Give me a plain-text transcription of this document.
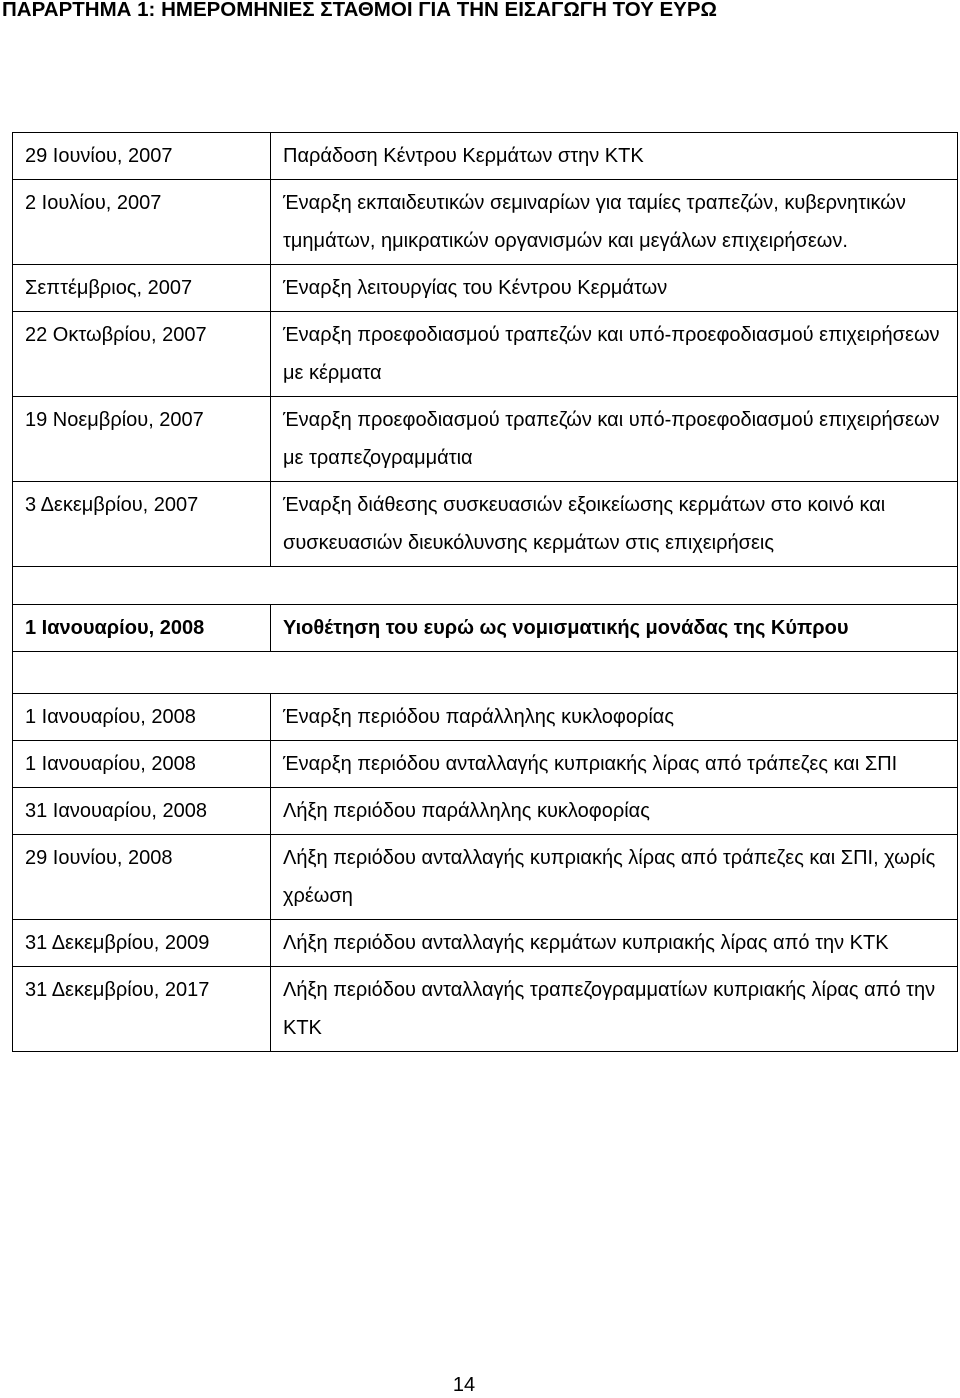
ΠΑΡΑΡΤΗΜΑ 1: ΗΜΕΡΟΜΗΝΙΕΣ ΣΤΑΘΜΟΙ ΓΙΑ ΤΗΝ ΕΙΣΑΓΩΓΗ ΤΟΥ ΕΥΡΩ
29 Ιουνίου, 2007	Παράδοση Κέντρου Κερμάτων στην ΚΤΚ

2 Ιουλίου, 2007	Έναρξη εκπαιδευτικών σεμιναρίων για ταμίες τραπεζών, κυβερνητικών τμημάτων, ημικρατικών οργανισμών και μεγάλων επιχειρήσεων.

Σεπτέμβριος, 2007	Έναρξη λειτουργίας του Κέντρου Κερμάτων

22 Οκτωβρίου, 2007	Έναρξη προεφοδιασμού τραπεζών και υπό-προεφοδιασμού επιχειρήσεων με κέρματα

19 Νοεμβρίου, 2007	Έναρξη προεφοδιασμού τραπεζών και υπό-προεφοδιασμού επιχειρήσεων με τραπεζογραμμάτια

3 Δεκεμβρίου, 2007	Έναρξη διάθεσης συσκευασιών εξοικείωσης κερμάτων στο κοινό και συσκευασιών διευκόλυνσης κερμάτων στις επιχειρήσεις

1 Ιανουαρίου, 2008	Υιοθέτηση του ευρώ ως νομισματικής μονάδας της Κύπρου

1 Ιανουαρίου, 2008	Έναρξη περιόδου παράλληλης κυκλοφορίας

1 Ιανουαρίου, 2008	Έναρξη περιόδου ανταλλαγής κυπριακής λίρας από τράπεζες και ΣΠΙ

31 Ιανουαρίου, 2008	Λήξη περιόδου παράλληλης κυκλοφορίας

29 Ιουνίου, 2008	Λήξη περιόδου ανταλλαγής κυπριακής λίρας από τράπεζες και ΣΠΙ, χωρίς χρέωση

31 Δεκεμβρίου, 2009	Λήξη περιόδου ανταλλαγής κερμάτων κυπριακής λίρας από την ΚΤΚ

31 Δεκεμβρίου, 2017	Λήξη περιόδου ανταλλαγής τραπεζογραμματίων κυπριακής λίρας από την ΚΤΚ
14
